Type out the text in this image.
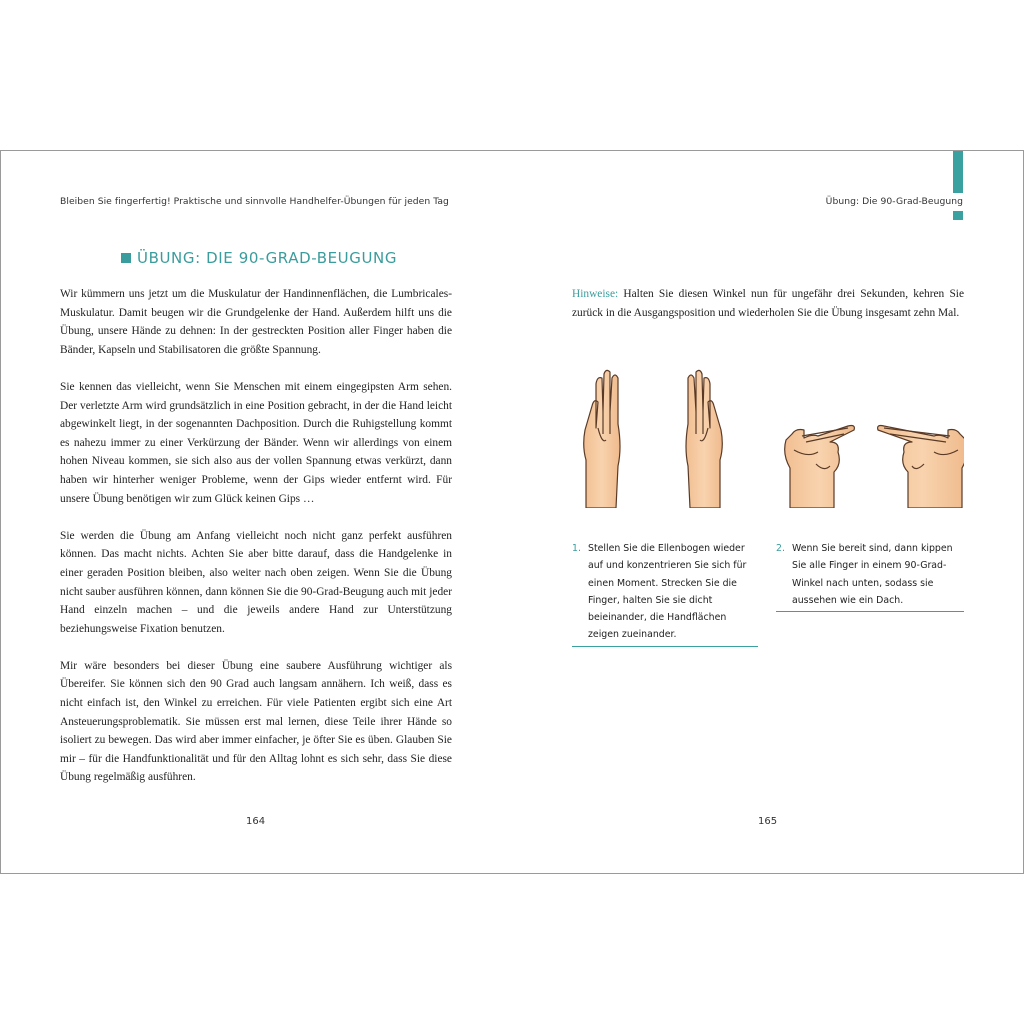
Bleiben Sie fingerfertig! Praktische und sinnvolle Handhelfer-Übungen für jeden Tag	Übung: Die 90-Grad-Beugung
ÜBUNG: DIE 90-GRAD-BEUGUNG

Wir kümmern uns jetzt um die Muskulatur der Handinnenflächen, die Lumbricales-Muskulatur. Damit beugen wir die Grundgelenke der Hand. Außerdem hilft uns die Übung, unsere Hände zu dehnen: In der gestreckten Position aller Finger haben die Bänder, Kapseln und Stabilisatoren die größte Spannung.

Sie kennen das vielleicht, wenn Sie Menschen mit einem eingegipsten Arm sehen. Der verletzte Arm wird grundsätzlich in eine Position gebracht, in der die Hand leicht abgewinkelt liegt, in der sogenannten Dachposition. Durch die Ruhigstellung kommt es nahezu immer zu einer Verkürzung der Bänder. Wenn wir allerdings von einem hohen Niveau kommen, sie sich also aus der vollen Spannung etwas verkürzt, dann haben wir hinterher weniger Probleme, wenn der Gips wieder entfernt wird. Für unsere Übung benötigen wir zum Glück keinen Gips …

Sie werden die Übung am Anfang vielleicht noch nicht ganz perfekt ausführen können. Das macht nichts. Achten Sie aber bitte darauf, dass die Handgelenke in einer geraden Position bleiben, also weiter nach oben zeigen. Wenn Sie die Übung nicht sauber ausführen können, dann können Sie die 90-Grad-Beugung auch mit jeder Hand einzeln machen – und die jeweils andere Hand zur Unterstützung beziehungsweise Fixation benutzen.

Mir wäre besonders bei dieser Übung eine saubere Ausführung wichtiger als Übereifer. Sie können sich den 90 Grad auch langsam annähern. Ich weiß, dass es nicht einfach ist, den Winkel zu erreichen. Für viele Patienten ergibt sich eine Art Ansteuerungsproblematik. Sie müssen erst mal lernen, diese Teile ihrer Hände so isoliert zu bewegen. Das wird aber immer einfacher, je öfter Sie es üben. Glauben Sie mir – für die Handfunktionalität und für den Alltag lohnt es sich sehr, dass Sie diese Übung regelmäßig ausführen.

Hinweise: Halten Sie diesen Winkel nun für ungefähr drei Sekunden, kehren Sie zurück in die Ausgangsposition und wiederholen Sie die Übung insgesamt zehn Mal.
1. Stellen Sie die Ellenbogen wieder auf und konzentrieren Sie sich für einen Moment. Strecken Sie die Finger, halten Sie sie dicht beieinander, die Handflächen zeigen zueinander.
2. Wenn Sie bereit sind, dann kippen Sie alle Finger in einem 90-Grad-Winkel nach unten, sodass sie aussehen wie ein Dach.
164	165
